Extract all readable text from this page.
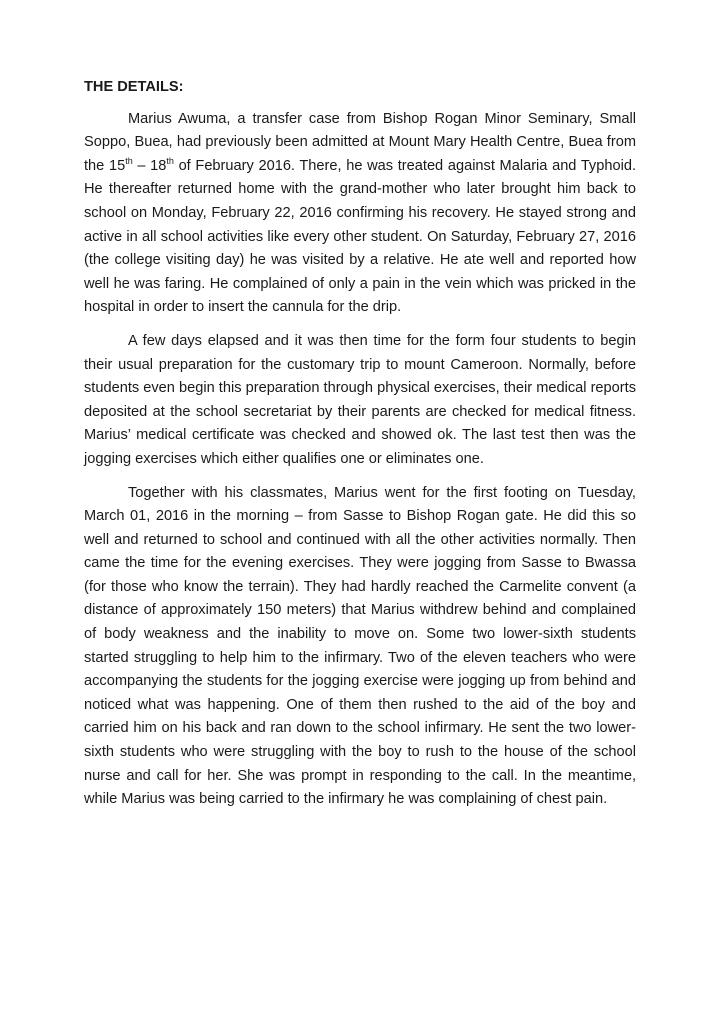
THE DETAILS:

Marius Awuma, a transfer case from Bishop Rogan Minor Seminary, Small Soppo, Buea, had previously been admitted at Mount Mary Health Centre, Buea from the 15th – 18th of February 2016. There, he was treated against Malaria and Typhoid. He thereafter returned home with the grand-mother who later brought him back to school on Monday, February 22, 2016 confirming his recovery. He stayed strong and active in all school activities like every other student. On Saturday, February 27, 2016 (the college visiting day) he was visited by a relative. He ate well and reported how well he was faring. He complained of only a pain in the vein which was pricked in the hospital in order to insert the cannula for the drip.

A few days elapsed and it was then time for the form four students to begin their usual preparation for the customary trip to mount Cameroon. Normally, before students even begin this preparation through physical exercises, their medical reports deposited at the school secretariat by their parents are checked for medical fitness. Marius’ medical certificate was checked and showed ok. The last test then was the jogging exercises which either qualifies one or eliminates one.

Together with his classmates, Marius went for the first footing on Tuesday, March 01, 2016 in the morning – from Sasse to Bishop Rogan gate. He did this so well and returned to school and continued with all the other activities normally. Then came the time for the evening exercises. They were jogging from Sasse to Bwassa (for those who know the terrain). They had hardly reached the Carmelite convent (a distance of approximately 150 meters) that Marius withdrew behind and complained of body weakness and the inability to move on. Some two lower-sixth students started struggling to help him to the infirmary. Two of the eleven teachers who were accompanying the students for the jogging exercise were jogging up from behind and noticed what was happening. One of them then rushed to the aid of the boy and carried him on his back and ran down to the school infirmary. He sent the two lower-sixth students who were struggling with the boy to rush to the house of the school nurse and call for her. She was prompt in responding to the call. In the meantime, while Marius was being carried to the infirmary he was complaining of chest pain.
